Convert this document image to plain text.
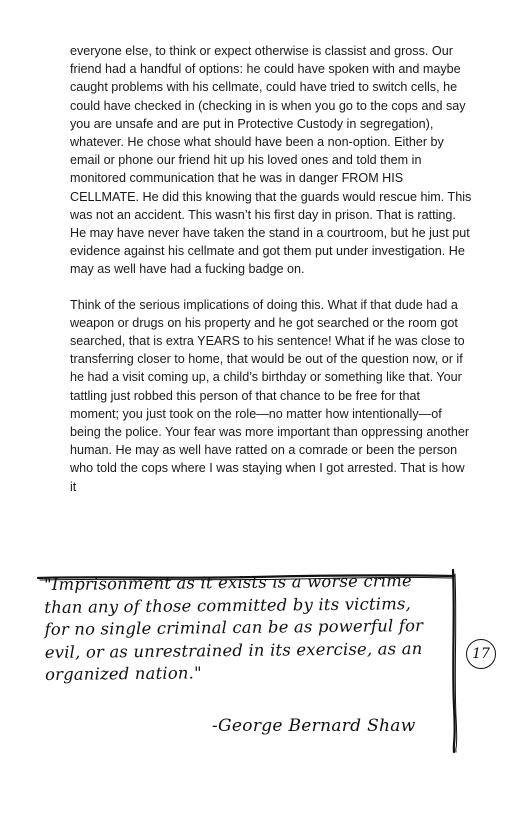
everyone else, to think or expect otherwise is classist and gross. Our friend had a handful of options: he could have spoken with and maybe caught problems with his cellmate, could have tried to switch cells, he could have checked in (checking in is when you go to the cops and say you are unsafe and are put in Protective Custody in segregation), whatever. He chose what should have been a non-option. Either by email or phone our friend hit up his loved ones and told them in monitored communication that he was in danger FROM HIS CELLMATE. He did this knowing that the guards would rescue him. This was not an accident. This wasn’t his first day in prison. That is ratting. He may have never have taken the stand in a courtroom, but he just put evidence against his cellmate and got them put under investigation. He may as well have had a fucking badge on.

Think of the serious implications of doing this. What if that dude had a weapon or drugs on his property and he got searched or the room got searched, that is extra YEARS to his sentence! What if he was close to transferring closer to home, that would be out of the question now, or if he had a visit coming up, a child’s birthday or something like that. Your tattling just robbed this person of that chance to be free for that moment; you just took on the role—no matter how intentionally—of being the police. Your fear was more important than oppressing another human. He may as well have ratted on a comrade or been the person who told the cops where I was staying when I got arrested. That is how it

"Imprisonment as it exists is a worse crime than any of those committed by its victims, for no single criminal can be as powerful for evil, or as unrestrained in its exercise, as an organized nation."
-George Bernard Shaw
17
